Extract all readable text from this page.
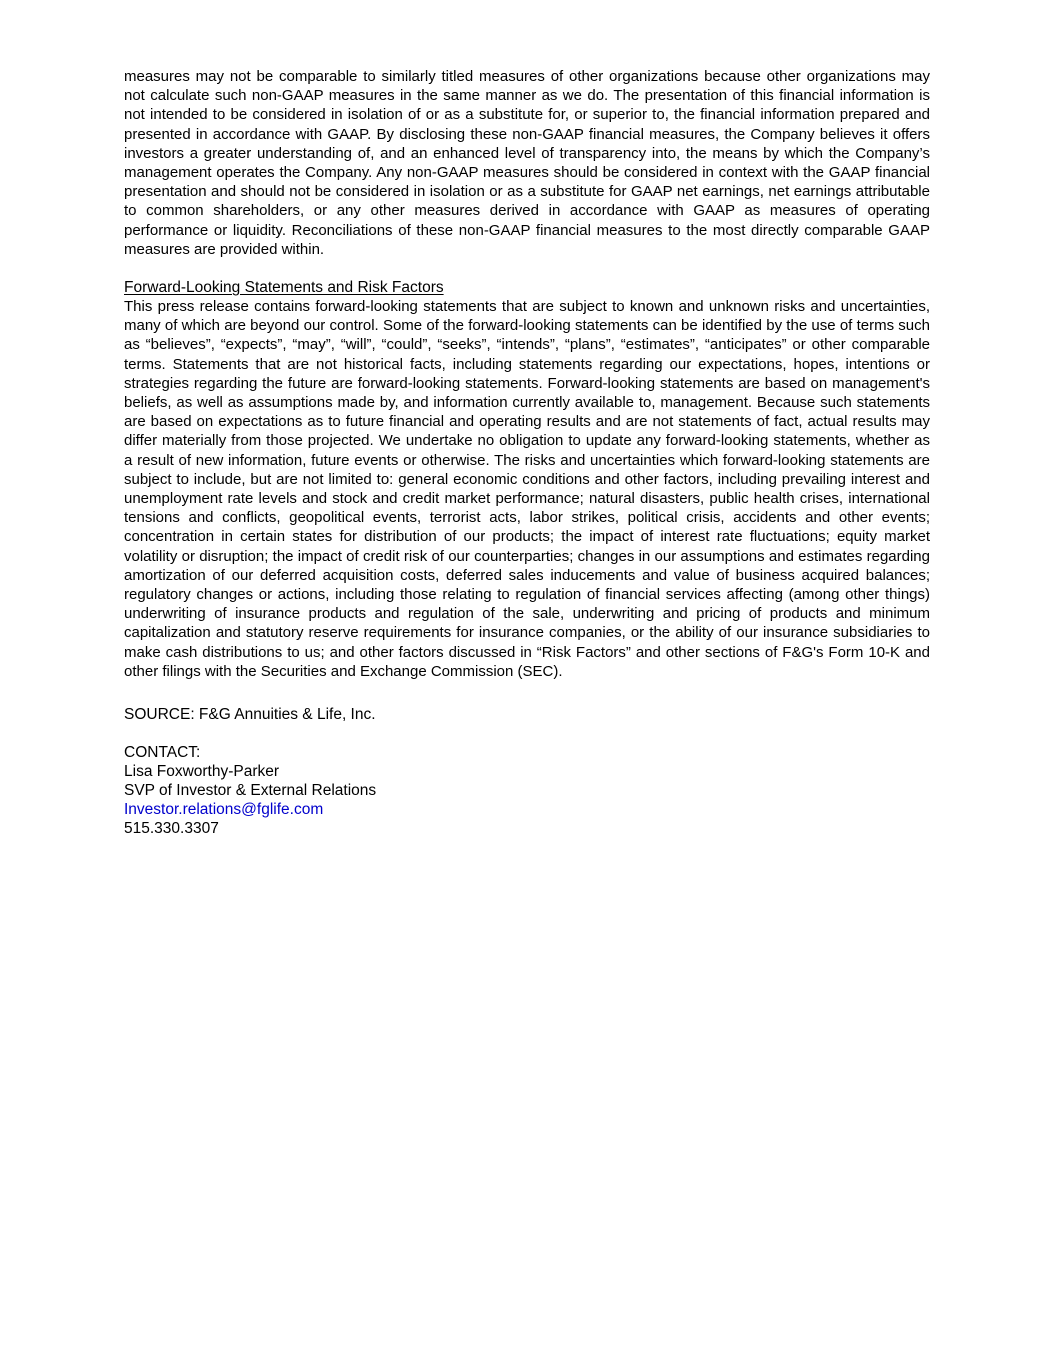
measures may not be comparable to similarly titled measures of other organizations because other organizations may not calculate such non-GAAP measures in the same manner as we do. The presentation of this financial information is not intended to be considered in isolation of or as a substitute for, or superior to, the financial information prepared and presented in accordance with GAAP. By disclosing these non-GAAP financial measures, the Company believes it offers investors a greater understanding of, and an enhanced level of transparency into, the means by which the Company’s management operates the Company. Any non-GAAP measures should be considered in context with the GAAP financial presentation and should not be considered in isolation or as a substitute for GAAP net earnings, net earnings attributable to common shareholders, or any other measures derived in accordance with GAAP as measures of operating performance or liquidity. Reconciliations of these non-GAAP financial measures to the most directly comparable GAAP measures are provided within.

Forward-Looking Statements and Risk Factors

This press release contains forward-looking statements that are subject to known and unknown risks and uncertainties, many of which are beyond our control. Some of the forward-looking statements can be identified by the use of terms such as “believes”, “expects”, “may”, “will”, “could”, “seeks”, “intends”, “plans”, “estimates”, “anticipates” or other comparable terms. Statements that are not historical facts, including statements regarding our expectations, hopes, intentions or strategies regarding the future are forward-looking statements. Forward-looking statements are based on management's beliefs, as well as assumptions made by, and information currently available to, management. Because such statements are based on expectations as to future financial and operating results and are not statements of fact, actual results may differ materially from those projected. We undertake no obligation to update any forward-looking statements, whether as a result of new information, future events or otherwise. The risks and uncertainties which forward-looking statements are subject to include, but are not limited to: general economic conditions and other factors, including prevailing interest and unemployment rate levels and stock and credit market performance; natural disasters, public health crises, international tensions and conflicts, geopolitical events, terrorist acts, labor strikes, political crisis, accidents and other events; concentration in certain states for distribution of our products; the impact of interest rate fluctuations; equity market volatility or disruption; the impact of credit risk of our counterparties; changes in our assumptions and estimates regarding amortization of our deferred acquisition costs, deferred sales inducements and value of business acquired balances; regulatory changes or actions, including those relating to regulation of financial services affecting (among other things) underwriting of insurance products and regulation of the sale, underwriting and pricing of products and minimum capitalization and statutory reserve requirements for insurance companies, or the ability of our insurance subsidiaries to make cash distributions to us; and other factors discussed in “Risk Factors” and other sections of F&G's Form 10-K and other filings with the Securities and Exchange Commission (SEC).

SOURCE: F&G Annuities & Life, Inc.
CONTACT:
Lisa Foxworthy-Parker
SVP of Investor & External Relations
Investor.relations@fglife.com
515.330.3307
